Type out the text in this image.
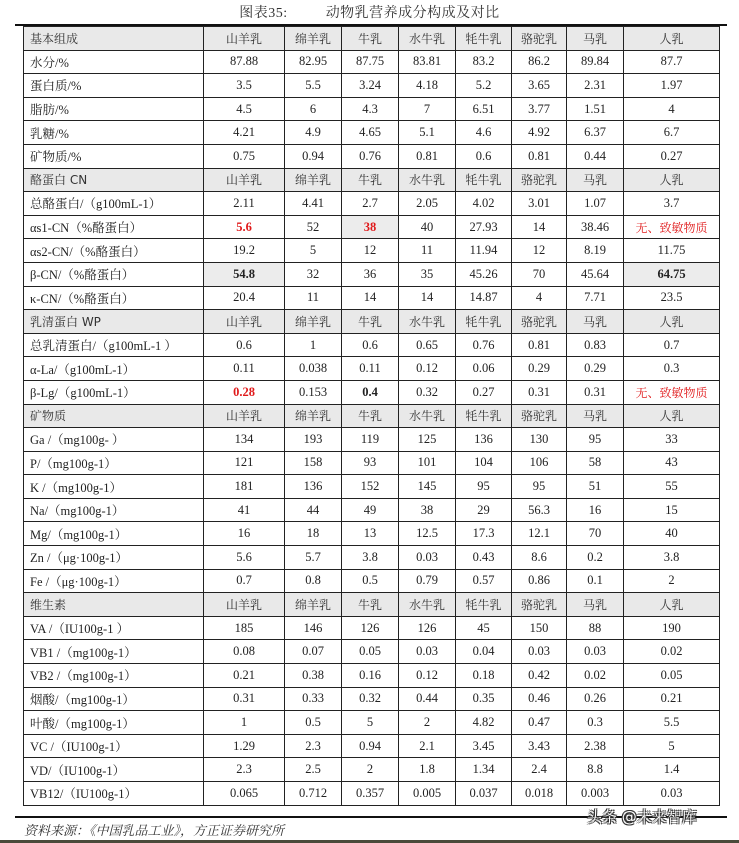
图表35:	动物乳营养成分构成及对比
基本组成	山羊乳	绵羊乳	牛乳	水牛乳	牦牛乳	骆驼乳	马乳	人乳
水分/%	87.88	82.95	87.75	83.81	83.2	86.2	89.84	87.7
蛋白质/%	3.5	5.5	3.24	4.18	5.2	3.65	2.31	1.97
脂肪/%	4.5	6	4.3	7	6.51	3.77	1.51	4
乳糖/%	4.21	4.9	4.65	5.1	4.6	4.92	6.37	6.7
矿物质/%	0.75	0.94	0.76	0.81	0.6	0.81	0.44	0.27
酪蛋白 CN	山羊乳	绵羊乳	牛乳	水牛乳	牦牛乳	骆驼乳	马乳	人乳
总酪蛋白/（g100mL-1）	2.11	4.41	2.7	2.05	4.02	3.01	1.07	3.7
αs1-CN（%酪蛋白）	5.6	52	38	40	27.93	14	38.46	无、致敏物质
αs2-CN/（%酪蛋白）	19.2	5	12	11	11.94	12	8.19	11.75
β-CN/（%酪蛋白）	54.8	32	36	35	45.26	70	45.64	64.75
κ-CN/（%酪蛋白）	20.4	11	14	14	14.87	4	7.71	23.5
乳清蛋白 WP	山羊乳	绵羊乳	牛乳	水牛乳	牦牛乳	骆驼乳	马乳	人乳
总乳清蛋白/（g100mL-1 ）	0.6	1	0.6	0.65	0.76	0.81	0.83	0.7
α-La/（g100mL-1）	0.11	0.038	0.11	0.12	0.06	0.29	0.29	0.3
β-Lg/（g100mL-1）	0.28	0.153	0.4	0.32	0.27	0.31	0.31	无、致敏物质
矿物质	山羊乳	绵羊乳	牛乳	水牛乳	牦牛乳	骆驼乳	马乳	人乳
Ga /（mg100g- ）	134	193	119	125	136	130	95	33
P/（mg100g-1）	121	158	93	101	104	106	58	43
K /（mg100g-1）	181	136	152	145	95	95	51	55
Na/（mg100g-1）	41	44	49	38	29	56.3	16	15
Mg/（mg100g-1）	16	18	13	12.5	17.3	12.1	70	40
Zn /（μg·100g-1）	5.6	5.7	3.8	0.03	0.43	8.6	0.2	3.8
Fe /（μg·100g-1）	0.7	0.8	0.5	0.79	0.57	0.86	0.1	2
维生素	山羊乳	绵羊乳	牛乳	水牛乳	牦牛乳	骆驼乳	马乳	人乳
VA /（IU100g-1 ）	185	146	126	126	45	150	88	190
VB1 /（mg100g-1）	0.08	0.07	0.05	0.03	0.04	0.03	0.03	0.02
VB2 /（mg100g-1）	0.21	0.38	0.16	0.12	0.18	0.42	0.02	0.05
烟酸/（mg100g-1）	0.31	0.33	0.32	0.44	0.35	0.46	0.26	0.21
叶酸/（mg100g-1）	1	0.5	5	2	4.82	0.47	0.3	5.5
VC /（IU100g-1）	1.29	2.3	0.94	2.1	3.45	3.43	2.38	5
VD/（IU100g-1）	2.3	2.5	2	1.8	1.34	2.4	8.8	1.4
VB12/（IU100g-1）	0.065	0.712	0.357	0.005	0.037	0.018	0.003	0.03
资料来源：《中国乳品工业》，方正证券研究所
头条 @未来智库
